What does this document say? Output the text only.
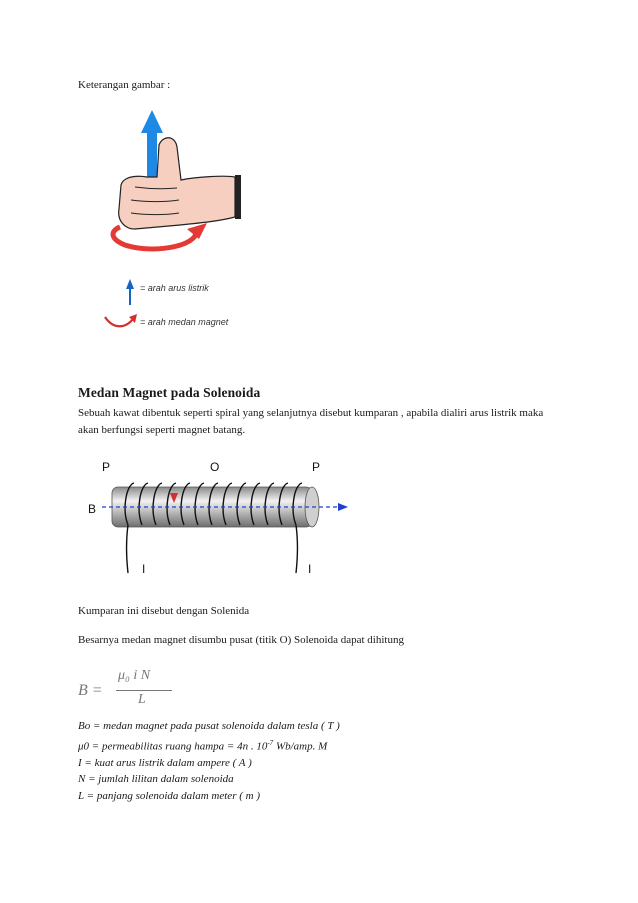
Keterangan gambar :
= arah arus listrik
= arah medan magnet
Medan Magnet pada Solenoida
Sebuah kawat dibentuk seperti spiral yang selanjutnya disebut kumparan , apabila dialiri arus listrik maka akan berfungsi seperti magnet batang.
P	O	P
B
I	I
Kumparan ini disebut dengan Solenida
Besarnya medan magnet disumbu pusat (titik O) Solenoida dapat dihitung
B =
μ₀ i N
L
Bo = medan magnet pada pusat solenoida dalam tesla ( T )
μ0 = permeabilitas ruang hampa = 4п . $10^{-7}$ Wb/amp. M
I = kuat arus listrik dalam ampere ( A )
N = jumlah lilitan dalam solenoida
L = panjang solenoida dalam meter ( m )
